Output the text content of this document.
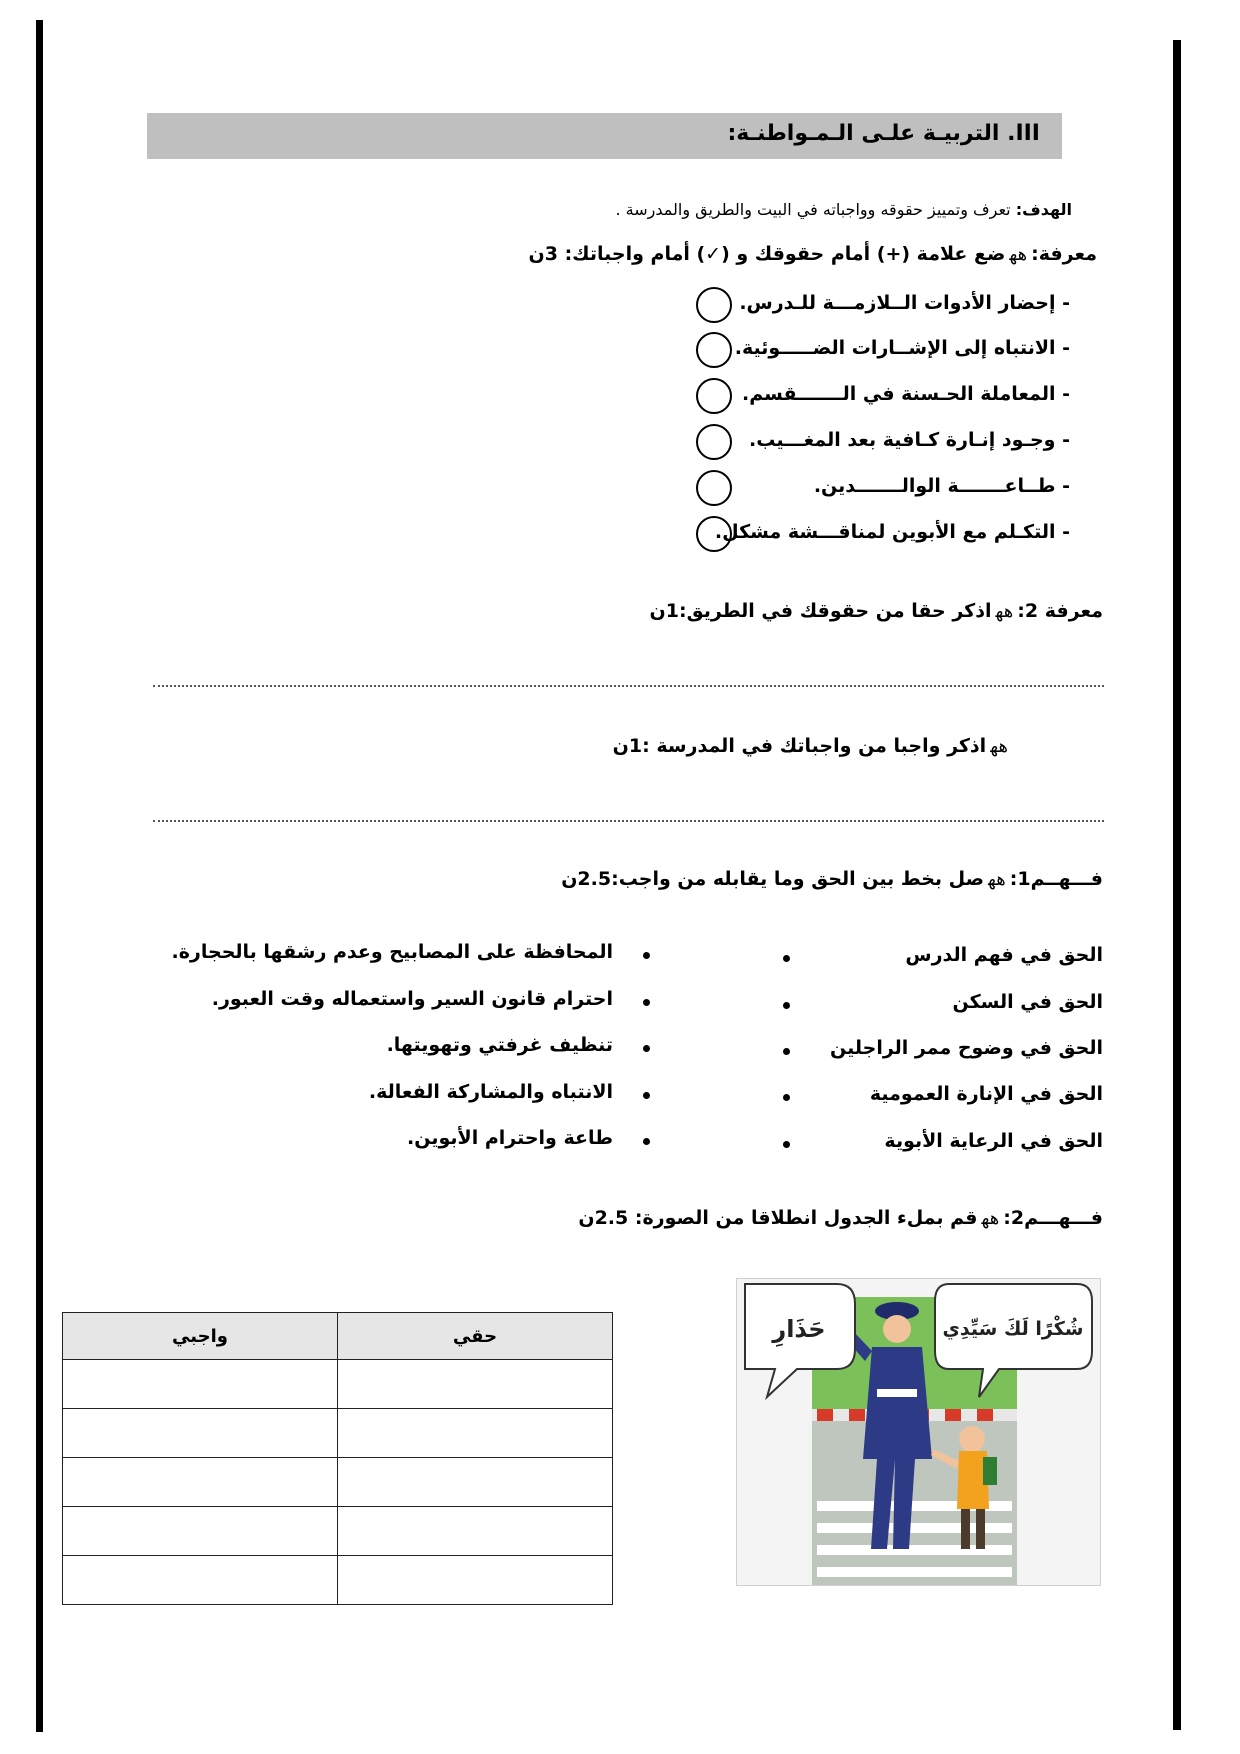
III. التربيـة علـى الـمـواطنـة:
الهدف: تعرف وتمييز حقوقه وواجباته في البيت والطريق والمدرسة .
معرفة:ﻫﻬضع علامة (+) أمام حقوقك و (✓) أمام واجباتك: 3ن
- إحضار الأدوات الــلازمـــة للـدرس.
- الانتباه إلى الإشــارات الضـــــوئية.
- المعاملة الحـسنة في الـــــــقسم.
- وجـود إنـارة كـافية بعد المغـــيب.
- طــاعـــــــة الوالـــــــدين.
- التكـلم مع الأبوين لمناقـــشة مشكل.
معرفة 2:ﻫﻬاذكر حقا من حقوقك في الطريق:1ن
ﻫﻬاذكر واجبا من واجباتك في المدرسة :1ن
فـــهــم1:ﻫﻬصل بخط بين الحق وما يقابله من واجب:2.5ن
الحق في فهم الدرس
الحق في السكن
الحق في وضوح ممر الراجلين
الحق في الإنارة العمومية
الحق في الرعاية الأبوية
المحافظة على المصابيح وعدم رشقها بالحجارة.
احترام قانون السير واستعماله وقت العبور.
تنظيف غرفتي وتهويتها.
الانتباه والمشاركة الفعالة.
طاعة واحترام الأبوين.
فـــهـــم2:ﻫﻬقم بملء الجدول انطلاقا من الصورة: 2.5ن
حقي	واجبي

		حَذَارِ	شُكْرًا لَكَ سَيِّدِي
